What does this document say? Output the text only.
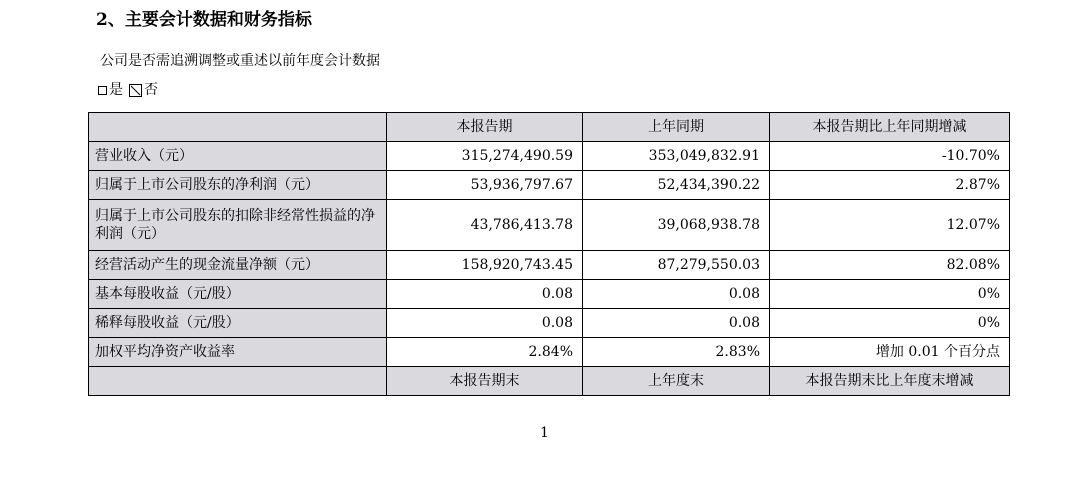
2、主要会计数据和财务指标
公司是否需追溯调整或重述以前年度会计数据
是 否
	本报告期	上年同期	本报告期比上年同期增减
营业收入（元）	315,274,490.59	353,049,832.91	-10.70%
归属于上市公司股东的净利润（元）	53,936,797.67	52,434,390.22	2.87%
归属于上市公司股东的扣除非经常性损益的净利润（元）	43,786,413.78	39,068,938.78	12.07%
经营活动产生的现金流量净额（元）	158,920,743.45	87,279,550.03	82.08%
基本每股收益（元/股）	0.08	0.08	0%
稀释每股收益（元/股）	0.08	0.08	0%
加权平均净资产收益率	2.84%	2.83%	增加 0.01 个百分点
	本报告期末	上年度末	本报告期末比上年度末增减
1
